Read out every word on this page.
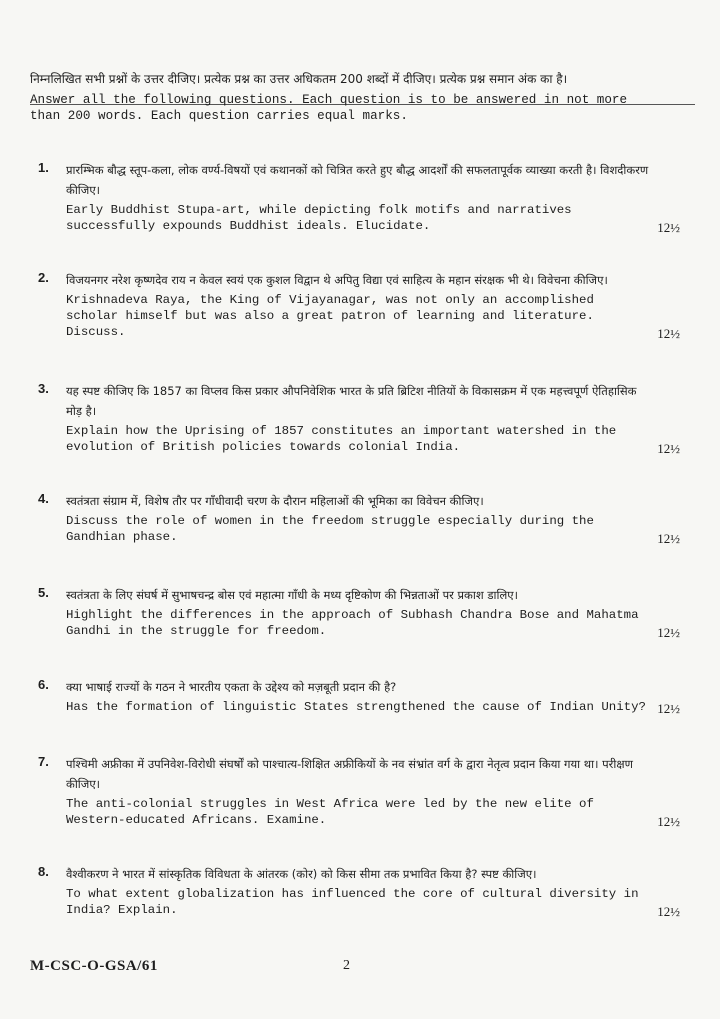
निम्नलिखित सभी प्रश्नों के उत्तर दीजिए। प्रत्येक प्रश्न का उत्तर अधिकतम 200 शब्दों में दीजिए। प्रत्येक प्रश्न समान अंक का है।
Answer all the following questions. Each question is to be answered in not more than 200 words. Each question carries equal marks.
1. प्रारम्भिक बौद्ध स्तूप-कला, लोक वर्ण्य-विषयों एवं कथानकों को चित्रित करते हुए बौद्ध आदर्शों की सफलतापूर्वक व्याख्या करती है। विशदीकरण कीजिए।
Early Buddhist Stupa-art, while depicting folk motifs and narratives successfully expounds Buddhist ideals. Elucidate.	12½
2. विजयनगर नरेश कृष्णदेव राय न केवल स्वयं एक कुशल विद्वान थे अपितु विद्या एवं साहित्य के महान संरक्षक भी थे। विवेचना कीजिए।
Krishnadeva Raya, the King of Vijayanagar, was not only an accomplished scholar himself but was also a great patron of learning and literature. Discuss.	12½
3. यह स्पष्ट कीजिए कि 1857 का विप्लव किस प्रकार औपनिवेशिक भारत के प्रति ब्रिटिश नीतियों के विकासक्रम में एक महत्त्वपूर्ण ऐतिहासिक मोड़ है।
Explain how the Uprising of 1857 constitutes an important watershed in the evolution of British policies towards colonial India.	12½
4. स्वतंत्रता संग्राम में, विशेष तौर पर गाँधीवादी चरण के दौरान महिलाओं की भूमिका का विवेचन कीजिए।
Discuss the role of women in the freedom struggle especially during the Gandhian phase.	12½
5. स्वतंत्रता के लिए संघर्ष में सुभाषचन्द्र बोस एवं महात्मा गाँधी के मध्य दृष्टिकोण की भिन्नताओं पर प्रकाश डालिए।
Highlight the differences in the approach of Subhash Chandra Bose and Mahatma Gandhi in the struggle for freedom.	12½
6. क्या भाषाई राज्यों के गठन ने भारतीय एकता के उद्देश्य को मज़बूती प्रदान की है?
Has the formation of linguistic States strengthened the cause of Indian Unity? 12½
7. पश्चिमी अफ्रीका में उपनिवेश-विरोधी संघर्षों को पाश्चात्य-शिक्षित अफ्रीकियों के नव संभ्रांत वर्ग के द्वारा नेतृत्व प्रदान किया गया था। परीक्षण कीजिए।
The anti-colonial struggles in West Africa were led by the new elite of Western-educated Africans. Examine.	12½
8. वैश्वीकरण ने भारत में सांस्कृतिक विविधता के आंतरक (कोर) को किस सीमा तक प्रभावित किया है? स्पष्ट कीजिए।
To what extent globalization has influenced the core of cultural diversity in India? Explain.	12½
M-CSC-O-GSA/61	2
